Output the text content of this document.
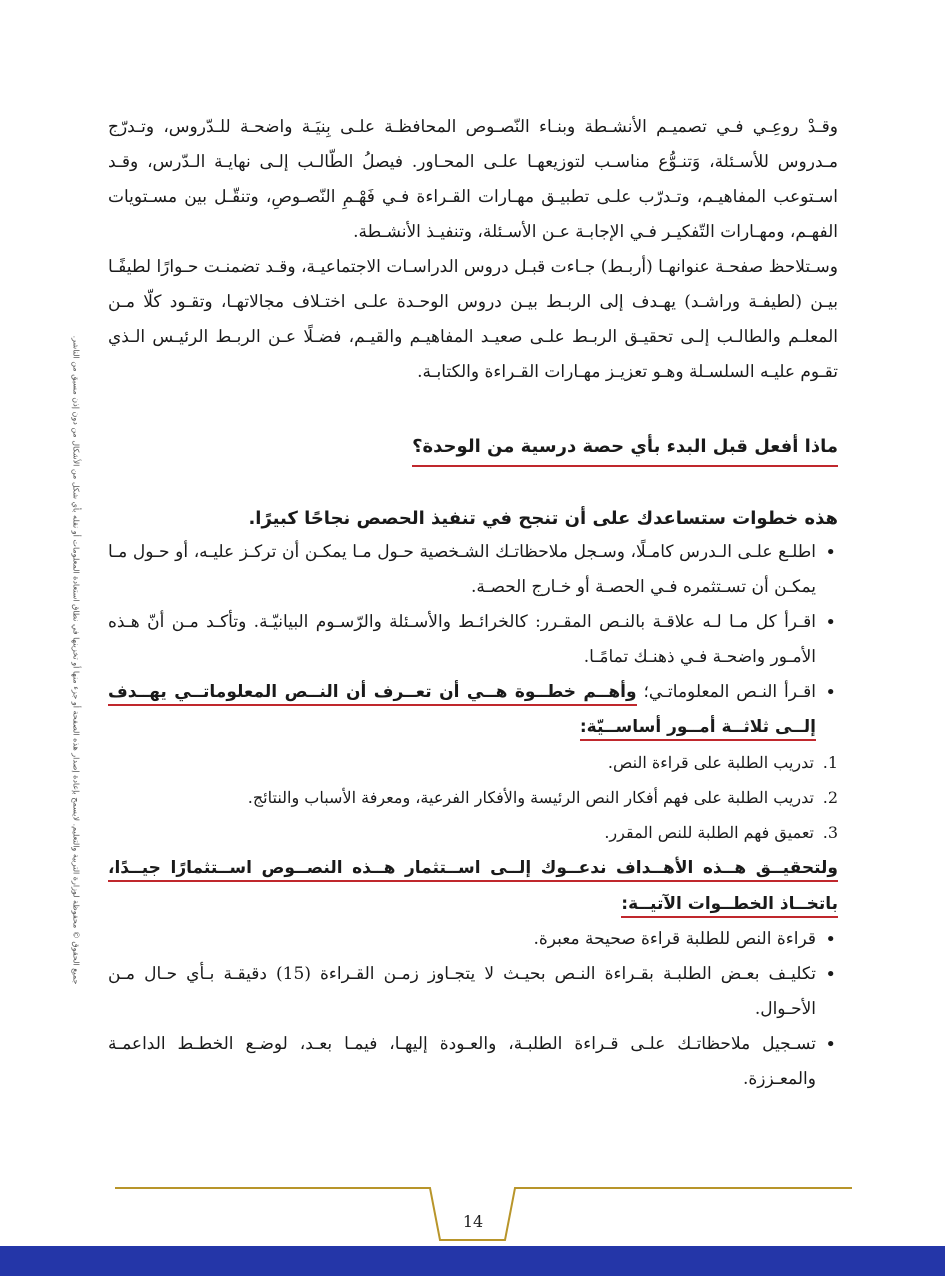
جميع الحقوق © محفوظة لوزارة التربية والتعليم. لايسمح بإعادة إصدار هذه الصفحة أو جزء منها أو تخزينها في نطاق استعادة المعلومات أو نقله بأي شكل من الأشكال من دون إذن مسبق من الناشر.

وقـدْ روعِـي فـي تصميـم الأنشـطة وبنـاء النّصـوص المحافظـة علـى بِنيَـة واضحـة للـدّروس، وتـدرّج مـدروس للأسـئلة، وَتنـوُّع مناسـب لتوزيعهـا علـى المحـاور. فيصلُ الطّالـب إلـى نهايـة الـدّرس، وقـد اسـتوعب المفاهيـم، وتـدرّب علـى تطبيـق مهـارات القـراءة فـي فَهْـمِ النّصـوصِ، وتنقّـل بين مسـتويات الفهـم، ومهـارات التّفكيـر فـي الإجابـة عـن الأسـئلة، وتنفيـذ الأنشـطة.

وسـتلاحظ صفحـة عنوانهـا (أربـط) جـاءت قبـل دروس الدراسـات الاجتماعيـة، وقـد تضمنـت حـوارًا لطيفًـا بيـن (لطيفـة وراشـد) يهـدف إلى الربـط بيـن دروس الوحـدة علـى اختـلاف مجالاتهـا، وتقـود كلّا مـن المعلـم والطالـب إلـى تحقيـق الربـط علـى صعيـد المفاهيـم والقيـم، فضـلًا عـن الربـط الرئيـس الـذي تقـوم عليـه السلسـلة وهـو تعزيـز مهـارات القـراءة والكتابـة.

ماذا أفعل قبل البدء بأي حصة درسية من الوحدة؟
هذه خطوات ستساعدك على أن تنجح في تنفيذ الحصص نجاحًا كبيرًا.
• اطلـع علـى الـدرس كامـلًا، وسـجل ملاحظاتـك الشـخصية حـول مـا يمكـن أن تركـز عليـه، أو حـول مـا يمكـن أن تسـتثمره فـي الحصـة أو خـارج الحصـة.
• اقـرأ كل مـا لـه علاقـة بالنـص المقـرر: كالخرائـط والأسـئلة والرّسـوم البيانيّـة. وتأكـد مـن أنّ هـذه الأمـور واضحـة فـي ذهنـك تمامًـا.
• اقـرأ النـص المعلوماتـي؛ وأهــم خطــوة هــي أن تعــرف أن النــص المعلوماتــي يهــدف إلــى ثلاثــة أمــور أساســيّة:
1.
تدريب الطلبة على قراءة النص.
2.
تدريب الطلبة على فهم أفكار النص الرئيسة والأفكار الفرعية، ومعرفة الأسباب والنتائج.
3.
تعميق فهم الطلبة للنص المقرر.
ولتحقيــق هــذه الأهــداف ندعــوك إلــى اســتثمار هــذه النصــوص اســتثمارًا جيــدًا، باتخــاذ الخطــوات الآتيــة:
• قراءة النص للطلبة قراءة صحيحة معبرة.
• تكليـف بعـض الطلبـة بقـراءة النـص بحيـث لا يتجـاوز زمـن القـراءة (15) دقيقـة بـأي حـال مـن الأحـوال.
• تسـجيل ملاحظاتـك علـى قـراءة الطلبـة، والعـودة إليهـا، فيمـا بعـد، لوضـع الخطـط الداعمـة والمعـززة.
14
